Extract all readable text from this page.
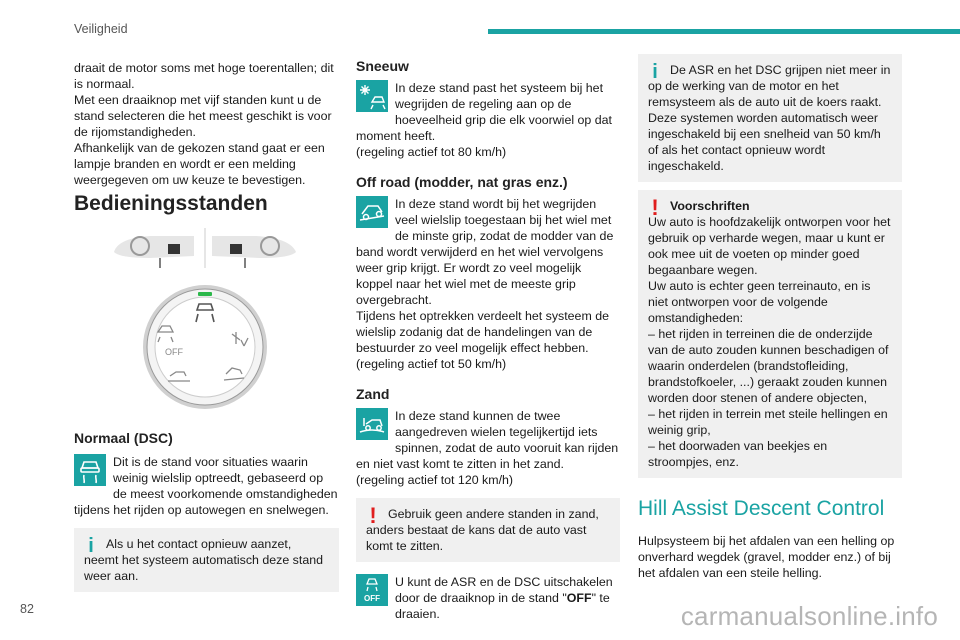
Veiligheid
82	carmanualsonline.info

draait de motor soms met hoge toerentallen; dit is normaal.
Met een draaiknop met vijf standen kunt u de stand selecteren die het meest geschikt is voor de rijomstandigheden.
Afhankelijk van de gekozen stand gaat er een lampje branden en wordt er een melding weergegeven om uw keuze te bevestigen.

Bedieningsstanden
Normaal (DSC)

Dit is de stand voor situaties waarin weinig wielslip optreedt, gebaseerd op de meest voorkomende omstandigheden tijdens het rijden op autowegen en snelwegen.

i Als u het contact opnieuw aanzet, neemt het systeem automatisch deze stand weer aan.

OFF
Sneeuw

In deze stand past het systeem bij het wegrijden de regeling aan op de hoeveelheid grip die elk voorwiel op dat moment heeft.
(regeling actief tot 80 km/h)

Off road (modder, nat gras enz.)

In deze stand wordt bij het wegrijden veel wielslip toegestaan bij het wiel met de minste grip, zodat de modder van de band wordt verwijderd en het wiel vervolgens weer grip krijgt. Er wordt zo veel mogelijk koppel naar het wiel met de meeste grip overgebracht.
Tijdens het optrekken verdeelt het systeem de wielslip zodanig dat de handelingen van de bestuurder zo veel mogelijk effect hebben.
(regeling actief tot 50 km/h)

Zand

In deze stand kunnen de twee aangedreven wielen tegelijkertijd iets spinnen, zodat de auto vooruit kan rijden en niet vast komt te zitten in het zand.
(regeling actief tot 120 km/h)

! Gebruik geen andere standen in zand, anders bestaat de kans dat de auto vast komt te zitten.

OFF

U kunt de ASR en de DSC uitschakelen door de draaiknop in de stand "OFF" te draaien.

i De ASR en het DSC grijpen niet meer in op de werking van de motor en het remsysteem als de auto uit de koers raakt. Deze systemen worden automatisch weer ingeschakeld bij een snelheid van 50 km/h of als het contact opnieuw wordt ingeschakeld.

! Voorschriften

Uw auto is hoofdzakelijk ontworpen voor het gebruik op verharde wegen, maar u kunt er ook mee uit de voeten op minder goed begaanbare wegen.
Uw auto is echter geen terreinauto, en is niet ontworpen voor de volgende omstandigheden:
– het rijden in terreinen die de onderzijde van de auto zouden kunnen beschadigen of waarin onderdelen (brandstofleiding, brandstofkoeler, ...) geraakt zouden kunnen worden door stenen of andere objecten,
– het rijden in terrein met steile hellingen en weinig grip,
– het doorwaden van beekjes en stroompjes, enz.

Hill Assist Descent Control

Hulpsysteem bij het afdalen van een helling op onverhard wegdek (gravel, modder enz.) of bij het afdalen van een steile helling.
